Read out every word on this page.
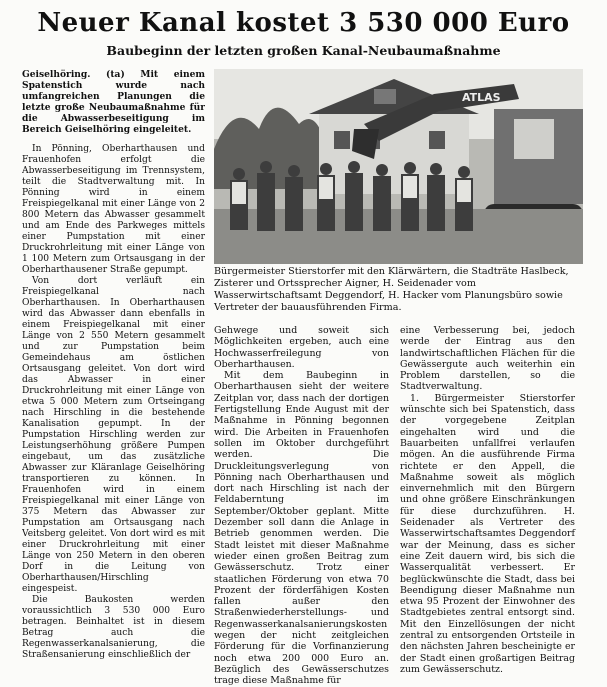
Neuer Kanal kostet 3 530 000 Euro
Baubeginn der letzten großen Kanal-Neubaumaßnahme

Geiselhöring. (ta) Mit einem Spatenstich wurde nach umfangreichen Planungen die letzte große Neubaumaßnahme für die Abwasserbeseitigung im Bereich Geiselhöring eingeleitet.

In Pönning, Oberharthausen und Frauenhofen erfolgt die Abwasserbeseitigung im Trennsystem, teilt die Stadtverwaltung mit. In Pönning wird in einem Freispiegelkanal mit einer Länge von 2 800 Metern das Abwasser gesammelt und am Ende des Parkweges mittels einer Pumpstation mit einer Druckrohrleitung mit einer Länge von 1 100 Metern zum Ortsausgang in der Oberharthausener Straße gepumpt.

Von dort verläuft ein Freispiegelkanal nach Oberharthausen. In Oberharthausen wird das Abwasser dann ebenfalls in einem Freispiegelkanal mit einer Länge von 2 550 Metern gesammelt und zur Pumpstation beim Gemeindehaus am östlichen Ortsausgang geleitet. Von dort wird das Abwasser in einer Druckrohrleitung mit einer Länge von etwa 5 000 Metern zum Ortseingang nach Hirschling in die bestehende Kanalisation gepumpt. In der Pumpstation Hirschling werden zur Leistungserhöhung größere Pumpen eingebaut, um das zusätzliche Abwasser zur Kläranlage Geiselhöring transportieren zu können. In Frauenhofen wird in einem Freispiegelkanal mit einer Länge von 375 Metern das Abwasser zur Pumpstation am Ortsausgang nach Veitsberg geleitet. Von dort wird es mit einer Druckrohrleitung mit einer Länge von 250 Metern in den oberen Dorf in die Leitung von Oberharthausen/Hirschling eingespeist.

Die Baukosten werden voraussichtlich 3 530 000 Euro betragen. Beinhaltet ist in diesem Betrag auch die Regenwasserkanalsanierung, die Straßensanierung einschließlich der

ATLAS
Bürgermeister Stierstorfer mit den Klärwärtern, die Stadträte Haslbeck, Zisterer und Ortssprecher Aigner, H. Seidenader vom Wasserwirtschaftsamt Deggendorf, H. Hacker vom Planungsbüro sowie Vertreter der bauausführenden Firma.

Gehwege und soweit sich Möglichkeiten ergeben, auch eine Hochwasserfreilegung von Oberharthausen.

Mit dem Baubeginn in Oberharthausen sieht der weitere Zeitplan vor, dass nach der dortigen Fertigstellung Ende August mit der Maßnahme in Pönning begonnen wird. Die Arbeiten in Frauenhofen sollen im Oktober durchgeführt werden. Die Druckleitungsverlegung von Pönning nach Oberharthausen und dort nach Hirschling ist nach der Feldaberntung im September/Oktober geplant. Mitte Dezember soll dann die Anlage in Betrieb genommen werden. Die Stadt leistet mit dieser Maßnahme wieder einen großen Beitrag zum Gewässerschutz. Trotz einer staatlichen Förderung von etwa 70 Prozent der förderfähigen Kosten fallen außer den Straßenwiederherstellungs- und Regenwasserkanalsanierungskosten wegen der nicht zeitgleichen Förderung für die Vorfinanzierung noch etwa 200 000 Euro an. Bezüglich des Gewässerschutzes trage diese Maßnahme für

eine Verbesserung bei, jedoch werde der Eintrag aus den landwirtschaftlichen Flächen für die Gewässergute auch weiterhin ein Problem darstellen, so die Stadtverwaltung.

1. Bürgermeister Stierstorfer wünschte sich bei Spatenstich, dass der vorgegebene Zeitplan eingehalten wird und die Bauarbeiten unfallfrei verlaufen mögen. An die ausführende Firma richtete er den Appell, die Maßnahme soweit als möglich einvernehmlich mit den Bürgern und ohne größere Einschränkungen für diese durchzuführen. H. Seidenader als Vertreter des Wasserwirtschaftsamtes Deggendorf war der Meinung, dass es sicher eine Zeit dauern wird, bis sich die Wasserqualität verbessert. Er beglückwünschte die Stadt, dass bei Beendigung dieser Maßnahme nun etwa 95 Prozent der Einwohner des Stadtgebietes zentral entsorgt sind. Mit den Einzellösungen der nicht zentral zu entsorgenden Ortsteile in den nächsten Jahren bescheinigte er der Stadt einen großartigen Beitrag zum Gewässerschutz.
